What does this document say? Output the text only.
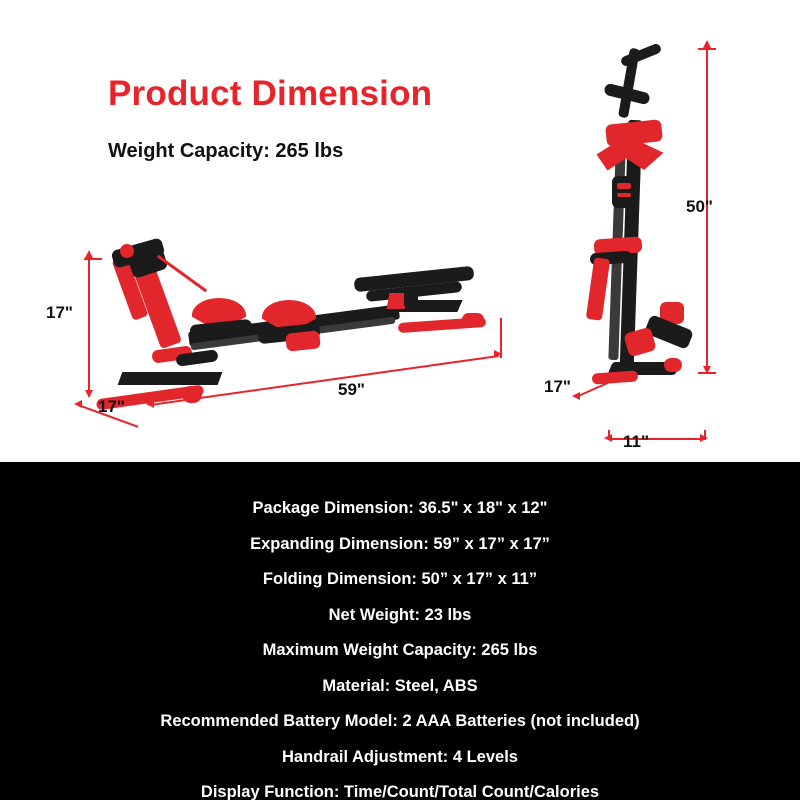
Product Dimension
Weight Capacity: 265 lbs
17"
17"
59"
50"
17"
11"
Package Dimension: 36.5" x 18" x 12"
Expanding Dimension: 59” x 17” x 17”
Folding Dimension: 50” x 17” x 11”
Net Weight: 23 lbs
Maximum Weight Capacity: 265 lbs
Material: Steel, ABS
Recommended Battery Model: 2 AAA Batteries (not included)
Handrail Adjustment: 4 Levels
Display Function: Time/Count/Total Count/Calories
